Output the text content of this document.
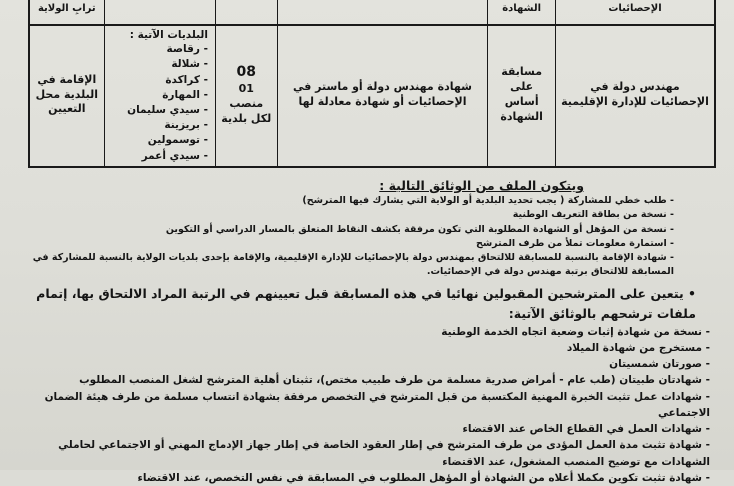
الإحصائيات
الشهادة
ترابِ الولاية
مهندس دولة في الإحصائيات للإدارة الإقليمية
مسابقة على أساس الشهادة
شهادة مهندس دولة أو ماستر في الإحصائيات أو شهادة معادلة لها
08
01 منصب
لكل بلدية
البلديات الآتية :
- رقاصة
- شلالة
- كراكدة
- المهارة
- سيدي سليمان
- بريزينة
- توسمولين
- سيدي أعمر
الإقامة في البلدية محل التعيين
ويتكون الملف من الوثائق التالية :
- طلب خطي للمشاركة ( يجب تحديد البلدية أو الولاية التي يشارك فيها المترشح)
- نسخة من بطاقة التعريف الوطنية
- نسخة من المؤهل أو الشهادة المطلوبة التي تكون مرفقة بكشف النقاط المتعلق بالمسار الدراسي أو التكوين
- استمارة معلومات تملأ من طرف المترشح
- شهادة الإقامة بالنسبة للمسابقة للالتحاق بمهندس دولة بالإحصائيات للإدارة الإقليمية، والإقامة بإحدى بلديات الولاية بالنسبة للمشاركة في المسابقة للالتحاق برتبة مهندس دولة في الإحصائيات.
• يتعين على المترشحين المقبولين نهائيا في هذه المسابقة قبل تعيينهم في الرتبة المراد الالتحاق بها، إتمام ملفات ترشحهم بالوثائق الآتية:
- نسخة من شهادة إثبات وضعية اتجاه الخدمة الوطنية
- مستخرج من شهادة الميلاد
- صورتان شمسيتان
- شهادتان طبيتان (طب عام - أمراض صدرية مسلمة من طرف طبيب مختص)، تثبتان أهلية المترشح لشغل المنصب المطلوب
- شهادات عمل تثبت الخبرة المهنية المكتسبة من قبل المترشح في التخصص مرفقة بشهادة انتساب مسلمة من طرف هيئة الضمان الاجتماعي
- شهادات العمل في القطاع الخاص عند الاقتضاء
- شهادة تثبت مدة العمل المؤدى من طرف المترشح في إطار العقود الخاصة في إطار جهاز الإدماج المهني أو الاجتماعي لحاملي الشهادات مع توضيح المنصب المشغول، عند الاقتضاء
- شهادة تثبت تكوين مكملا أعلاه من الشهادة أو المؤهل المطلوب في المسابقة في نفس التخصص، عند الاقتضاء
